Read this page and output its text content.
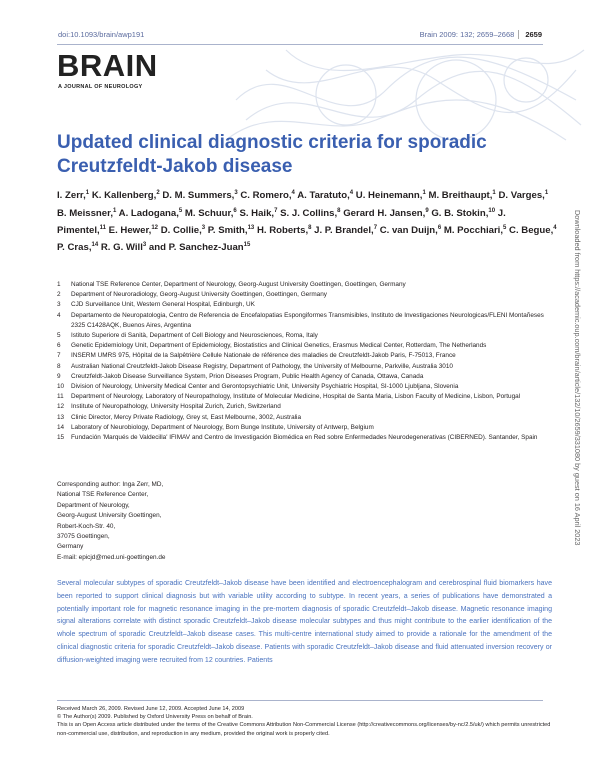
doi:10.1093/brain/awp191	Brain 2009: 132; 2659–2668 2659
BRAIN
A JOURNAL OF NEUROLOGY
Updated clinical diagnostic criteria for sporadic Creutzfeldt-Jakob disease
I. Zerr,$^1$ K. Kallenberg,$^2$ D. M. Summers,$^3$ C. Romero,$^4$ A. Taratuto,$^4$ U. Heinemann,$^1$ M. Breithaupt,$^1$ D. Varges,$^1$ B. Meissner,$^1$ A. Ladogana,$^5$ M. Schuur,$^6$ S. Haik,$^7$ S. J. Collins,$^8$ Gerard H. Jansen,$^9$ G. B. Stokin,$^{10}$ J. Pimentel,$^{11}$ E. Hewer,$^{12}$ D. Collie,$^3$ P. Smith,$^{13}$ H. Roberts,$^8$ J. P. Brandel,$^7$ C. van Duijn,$^6$ M. Pocchiari,$^5$ C. Begue,$^4$ P. Cras,$^{14}$ R. G. Will$^3$ and P. Sanchez-Juan$^{15}$
1	National TSE Reference Center, Department of Neurology, Georg-August University Goettingen, Goettingen, Germany
2	Department of Neuroradiology, Georg-August University Goettingen, Goettingen, Germany
3	CJD Surveillance Unit, Western General Hospital, Edinburgh, UK
4	Departamento de Neuropatologia, Centro de Referencia de Encefalopatias Espongiformes Transmisibles, Instituto de Investigaciones Neurologicas/FLENI Montañeses 2325 C1428AQK, Buenos Aires, Argentina
5	Istituto Superiore di Sanità, Department of Cell Biology and Neurosciences, Roma, Italy
6	Genetic Epidemiology Unit, Department of Epidemiology, Biostatistics and Clinical Genetics, Erasmus Medical Center, Rotterdam, The Netherlands
7	INSERM UMRS 975, Hôpital de la Salpêtrière Cellule Nationale de référence des maladies de Creutzfeldt-Jakob Paris, F-75013, France
8	Australian National Creutzfeldt-Jakob Disease Registry, Department of Pathology, the University of Melbourne, Parkville, Australia 3010
9	Creutzfeldt-Jakob Disease Surveillance System, Prion Diseases Program, Public Health Agency of Canada, Ottawa, Canada
10	Division of Neurology, University Medical Center and Gerontopsychiatric Unit, University Psychiatric Hospital, SI-1000 Ljubljana, Slovenia
11	Department of Neurology, Laboratory of Neuropathology, Institute of Molecular Medicine, Hospital de Santa Maria, Lisbon Faculty of Medicine, Lisbon, Portugal
12	Institute of Neuropathology, University Hospital Zurich, Zurich, Switzerland
13	Clinic Director, Mercy Private Radiology, Grey st, East Melbourne, 3002, Australia
14	Laboratory of Neurobiology, Department of Neurology, Born Bunge Institute, University of Antwerp, Belgium
15	Fundación 'Marqués de Valdecilla' IFIMAV and Centro de Investigación Biomédica en Red sobre Enfermedades Neurodegenerativas (CIBERNED). Santander, Spain
Corresponding author: Inga Zerr, MD,
National TSE Reference Center,
Department of Neurology,
Georg-August University Goettingen,
Robert-Koch-Str. 40,
37075 Goettingen,
Germany
E-mail: epicjd@med.uni-goettingen.de

Several molecular subtypes of sporadic Creutzfeldt–Jakob disease have been identified and electroencephalogram and cerebrospinal fluid biomarkers have been reported to support clinical diagnosis but with variable utility according to subtype. In recent years, a series of publications have demonstrated a potentially important role for magnetic resonance imaging in the pre-mortem diagnosis of sporadic Creutzfeldt–Jakob disease. Magnetic resonance imaging signal alterations correlate with distinct sporadic Creutzfeldt–Jakob disease molecular subtypes and thus might contribute to the earlier identification of the whole spectrum of sporadic Creutzfeldt–Jakob disease cases. This multi-centre international study aimed to provide a rationale for the amendment of the clinical diagnostic criteria for sporadic Creutzfeldt–Jakob disease. Patients with sporadic Creutzfeldt–Jakob disease and fluid attenuated inversion recovery or diffusion-weighted imaging were recruited from 12 countries. Patients

Received March 26, 2009. Revised June 12, 2009. Accepted June 14, 2009
© The Author(s) 2009. Published by Oxford University Press on behalf of Brain.
This is an Open Access article distributed under the terms of the Creative Commons Attribution Non-Commercial License (http://creativecommons.org/licenses/by-nc/2.5/uk/) which permits unrestricted non-commercial use, distribution, and reproduction in any medium, provided the original work is properly cited.
Downloaded from https://academic.oup.com/brain/article/132/10/2659/331080 by guest on 16 April 2023
